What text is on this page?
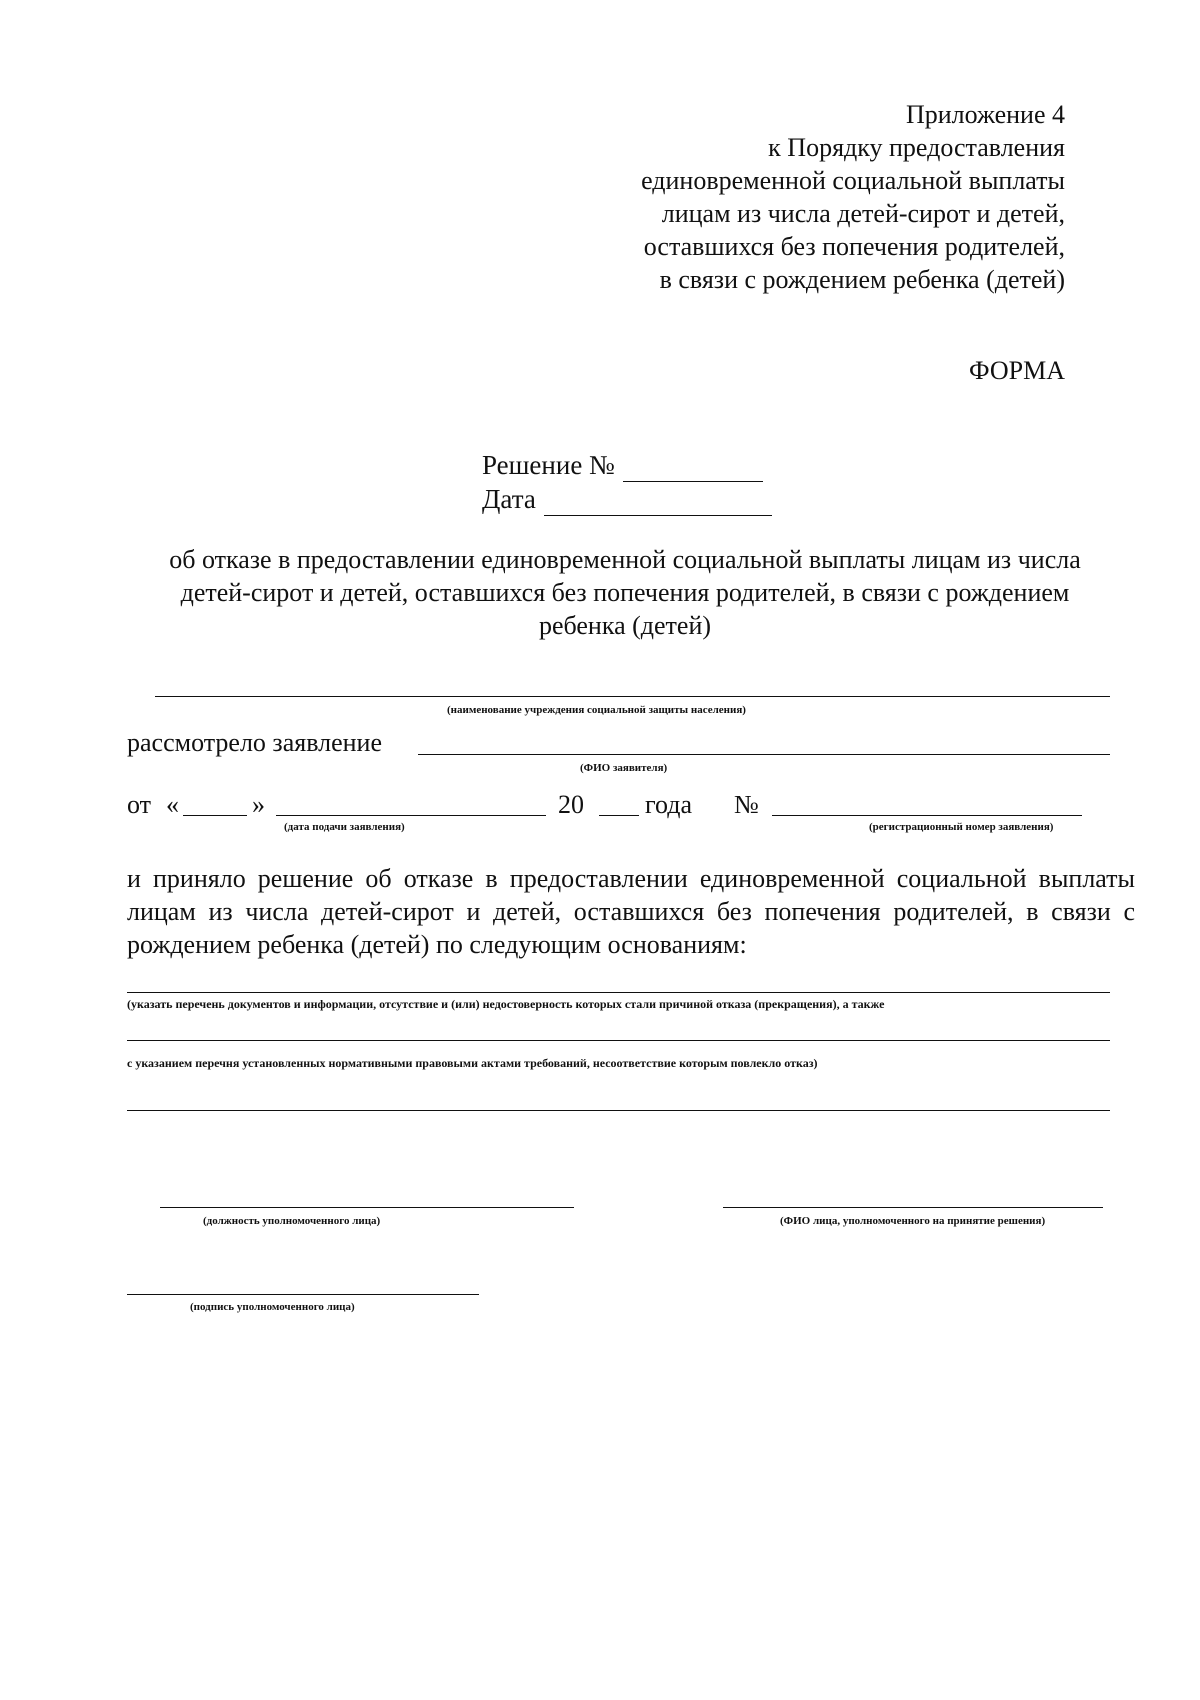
Приложение 4
к Порядку предоставления
единовременной социальной выплаты
лицам из числа детей-сирот и детей,
оставшихся без попечения родителей,
в связи с рождением ребенка (детей)
ФОРМА
Решение №
Дата
об отказе в предоставлении единовременной социальной выплаты лицам из числа
детей-сирот и детей, оставшихся без попечения родителей, в связи с рождением
ребенка (детей)
(наименование учреждения социальной защиты населения)
рассмотрело заявление
(ФИО заявителя)
от «	»	20 года №
(дата подачи заявления)	(регистрационный номер заявления)
и приняло решение об отказе в предоставлении единовременной социальной выплаты лицам из числа детей-сирот и детей, оставшихся без попечения родителей, в связи с рождением ребенка (детей) по следующим основаниям:
(указать перечень документов и информации, отсутствие и (или) недостоверность которых стали причиной отказа (прекращения), а также
с указанием перечня установленных нормативными правовыми актами требований, несоответствие которым повлекло отказ)
(должность уполномоченного лица)	(ФИО лица, уполномоченного на принятие решения)
(подпись уполномоченного лица)
